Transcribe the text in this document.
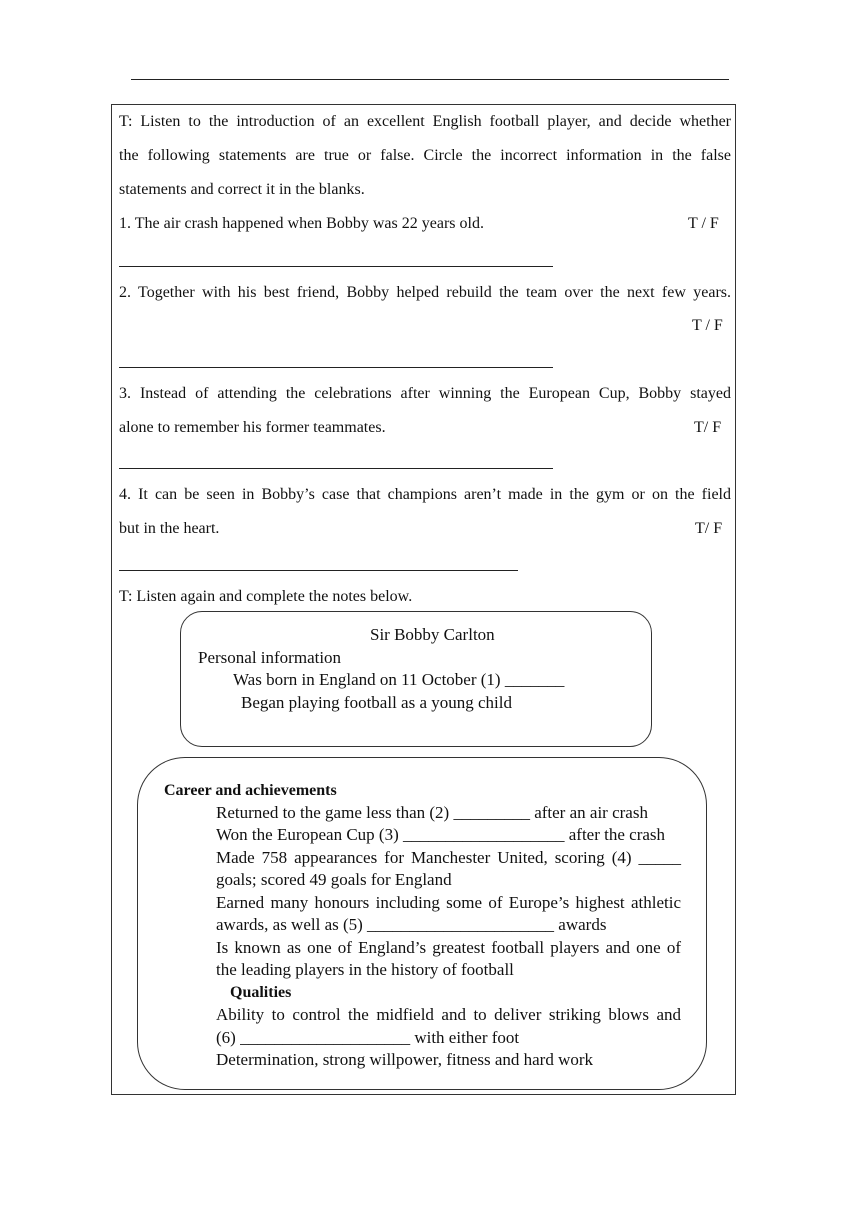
T: Listen to the introduction of an excellent English football player, and decide whether
the following statements are true or false. Circle the incorrect information in the false
statements and correct it in the blanks.
1. The air crash happened when Bobby was 22 years old.	T / F
2. Together with his best friend, Bobby helped rebuild the team over the next few years.
T / F
3. Instead of attending the celebrations after winning the European Cup, Bobby stayed
alone to remember his former teammates.	T/ F
4. It can be seen in Bobby’s case that champions aren’t made in the gym or on the field
but in the heart.	T/ F
T: Listen again and complete the notes below.
Sir Bobby Carlton
Personal information
Was born in England on 11 October (1) _______
Began playing football as a young child
Career and achievements
Returned to the game less than (2) _________ after an air crash
Won the European Cup (3) ___________________ after the crash
Made 758 appearances for Manchester United, scoring (4) _____
goals; scored 49 goals for England
Earned many honours including some of Europe’s highest athletic
awards, as well as (5) ______________________ awards
Is known as one of England’s greatest football players and one of
the leading players in the history of football
Qualities
Ability to control the midfield and to deliver striking blows and
(6) ____________________ with either foot
Determination, strong willpower, fitness and hard work
